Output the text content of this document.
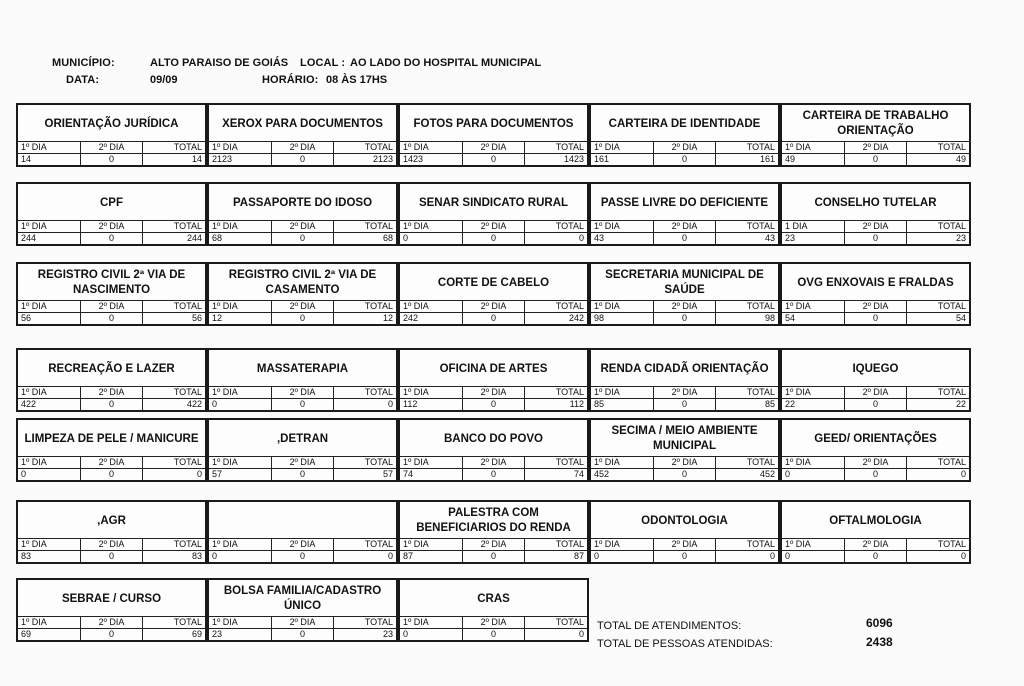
MUNICÍPIO:	ALTO PARAISO DE GOIÁS LOCAL : AO LADO DO HOSPITAL MUNICIPAL
DATA:	09/09	HORÁRIO: 08 ÀS 17HS
ORIENTAÇÃO JURÍDICA
1º DIA	2º DIA	TOTAL
14	0	14
XEROX PARA DOCUMENTOS
1º DIA	2º DIA	TOTAL
2123	0	2123
FOTOS PARA DOCUMENTOS
1º DIA	2º DIA	TOTAL
1423	0	1423
CARTEIRA DE IDENTIDADE
1º DIA	2º DIA	TOTAL
161	0	161
CARTEIRA DE TRABALHO ORIENTAÇÃO
1º DIA	2º DIA	TOTAL
49	0	49
CPF
1º DIA	2º DIA	TOTAL
244	0	244
PASSAPORTE DO IDOSO
1º DIA	2º DIA	TOTAL
68	0	68
SENAR SINDICATO RURAL
1º DIA	2º DIA	TOTAL
0	0	0
PASSE LIVRE DO DEFICIENTE
1º DIA	2º DIA	TOTAL
43	0	43
CONSELHO TUTELAR
1 DIA	2º DIA	TOTAL
23	0	23
REGISTRO CIVIL 2ª VIA DE NASCIMENTO
1º DIA	2º DIA	TOTAL
56	0	56
REGISTRO CIVIL 2ª VIA DE CASAMENTO
1º DIA	2º DIA	TOTAL
12	0	12
CORTE DE CABELO
1º DIA	2º DIA	TOTAL
242	0	242
SECRETARIA MUNICIPAL DE SAÚDE
1º DIA	2º DIA	TOTAL
98	0	98
OVG ENXOVAIS E FRALDAS
1º DIA	2º DIA	TOTAL
54	0	54
RECREAÇÃO E LAZER
1º DIA	2º DIA	TOTAL
422	0	422
MASSATERAPIA
1º DIA	2º DIA	TOTAL
0	0	0
OFICINA DE ARTES
1º DIA	2º DIA	TOTAL
112	0	112
RENDA CIDADÃ ORIENTAÇÃO
1º DIA	2º DIA	TOTAL
85	0	85
IQUEGO
1º DIA	2º DIA	TOTAL
22	0	22
LIMPEZA DE PELE / MANICURE
1º DIA	2º DIA	TOTAL
0	0	0
,DETRAN
1º DIA	2º DIA	TOTAL
57	0	57
BANCO DO POVO
1º DIA	2º DIA	TOTAL
74	0	74
SECIMA / MEIO AMBIENTE MUNICIPAL
1º DIA	2º DIA	TOTAL
452	0	452
GEED/ ORIENTAÇÕES
1º DIA	2º DIA	TOTAL
0	0	0
,AGR
1º DIA	2º DIA	TOTAL
83	0	83
1º DIA	2º DIA	TOTAL
0	0	0
PALESTRA COM BENEFICIARIOS DO RENDA
1º DIA	2º DIA	TOTAL
87	0	87
ODONTOLOGIA
1º DIA	2º DIA	TOTAL
0	0	0
OFTALMOLOGIA
1º DIA	2º DIA	TOTAL
0	0	0
SEBRAE / CURSO
1º DIA	2º DIA	TOTAL
69	0	69
BOLSA FAMILIA/CADASTRO ÚNICO
1º DIA	2º DIA	TOTAL
23	0	23
CRAS
1º DIA	2º DIA	TOTAL
0	0	0
TOTAL DE ATENDIMENTOS:	6096
TOTAL DE PESSOAS ATENDIDAS:	2438
